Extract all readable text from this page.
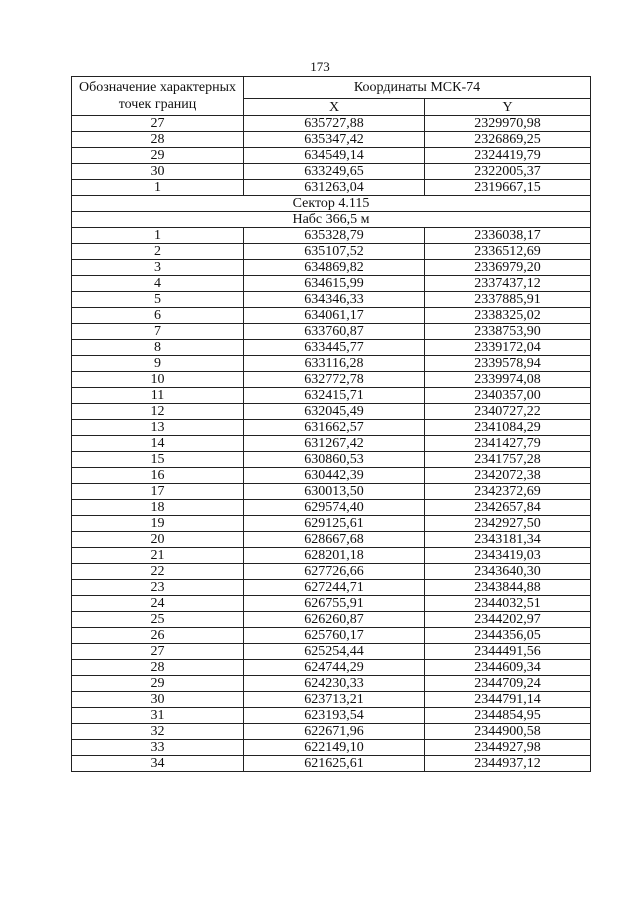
173
Обозначение характерных точек границ	Координаты МСК-74	
	X	Y
27	635727,88	2329970,98
28	635347,42	2326869,25
29	634549,14	2324419,79
30	633249,65	2322005,37
1	631263,04	2319667,15
Сектор 4.115		
Набс 366,5 м		
1	635328,79	2336038,17
2	635107,52	2336512,69
3	634869,82	2336979,20
4	634615,99	2337437,12
5	634346,33	2337885,91
6	634061,17	2338325,02
7	633760,87	2338753,90
8	633445,77	2339172,04
9	633116,28	2339578,94
10	632772,78	2339974,08
11	632415,71	2340357,00
12	632045,49	2340727,22
13	631662,57	2341084,29
14	631267,42	2341427,79
15	630860,53	2341757,28
16	630442,39	2342072,38
17	630013,50	2342372,69
18	629574,40	2342657,84
19	629125,61	2342927,50
20	628667,68	2343181,34
21	628201,18	2343419,03
22	627726,66	2343640,30
23	627244,71	2343844,88
24	626755,91	2344032,51
25	626260,87	2344202,97
26	625760,17	2344356,05
27	625254,44	2344491,56
28	624744,29	2344609,34
29	624230,33	2344709,24
30	623713,21	2344791,14
31	623193,54	2344854,95
32	622671,96	2344900,58
33	622149,10	2344927,98
34	621625,61	2344937,12
